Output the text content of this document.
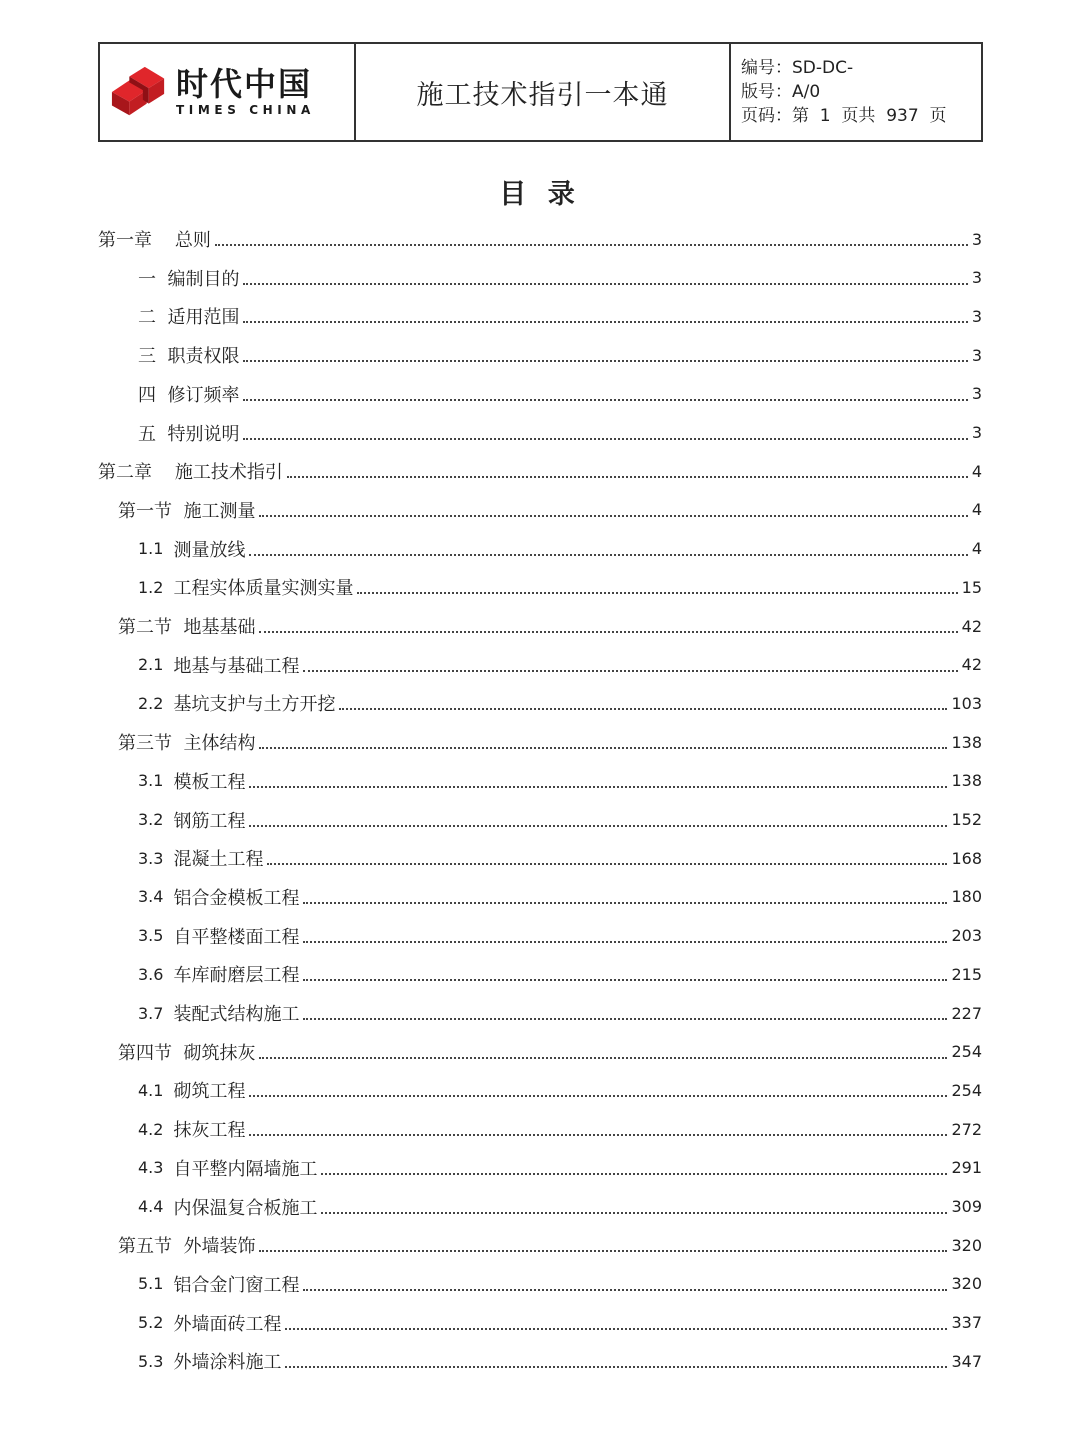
时代中国
TIMES CHINA	施工技术指引一本通
编号：SD-DC-
版号：A/0
页码：第  1  页共  937  页
目 录
第一章    总则	3
一  编制目的	3
二  适用范围	3
三  职责权限	3
四  修订频率	3
五  特别说明	3
第二章    施工技术指引	4
第一节  施工测量	4
1.1 测量放线	4
1.2 工程实体质量实测实量	15
第二节  地基基础	42
2.1 地基与基础工程	42
2.2 基坑支护与土方开挖	103
第三节  主体结构	138
3.1 模板工程	138
3.2 钢筋工程	152
3.3 混凝土工程	168
3.4 铝合金模板工程	180
3.5 自平整楼面工程	203
3.6 车库耐磨层工程	215
3.7 装配式结构施工	227
第四节  砌筑抹灰	254
4.1 砌筑工程	254
4.2 抹灰工程	272
4.3 自平整内隔墙施工	291
4.4 内保温复合板施工	309
第五节  外墙装饰	320
5.1 铝合金门窗工程	320
5.2 外墙面砖工程	337
5.3 外墙涂料施工	347
